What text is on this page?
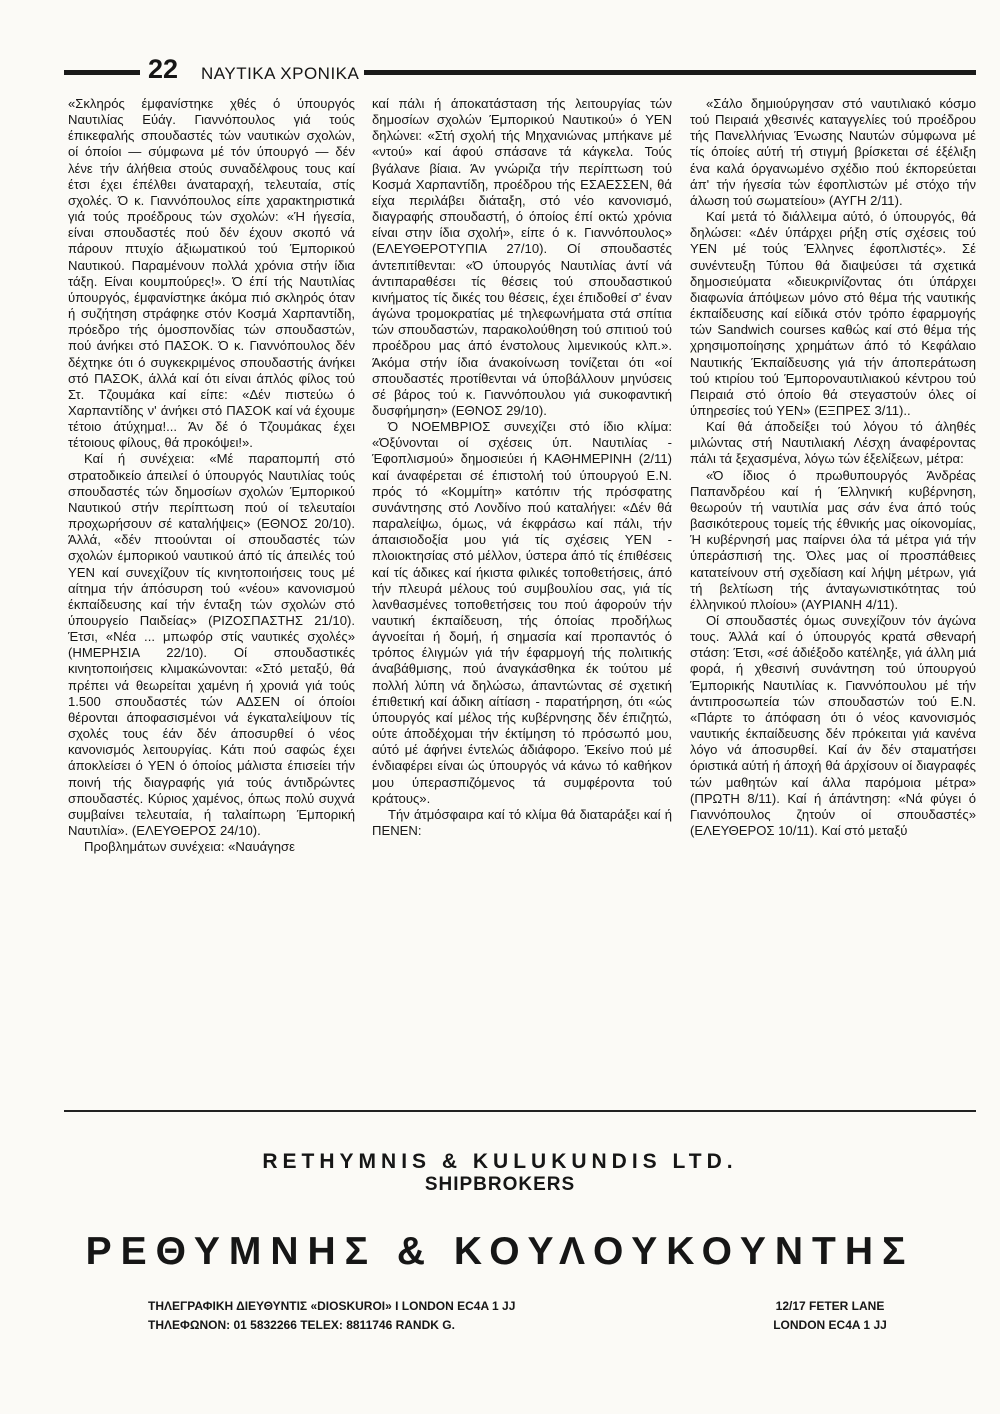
22 ΝΑΥΤΙΚΑ ΧΡΟΝΙΚΑ

«Σκληρός έμφανίστηκε χθές ό ύπουργός Ναυτιλίας Εύάγ. Γιαννόπουλος γιά τούς έπικεφαλής σπουδαστές τών ναυτικών σχολών, οί όποίοι — σύμφωνα μέ τόν ύπουργό — δέν λένε τήν άλήθεια στούς συναδέλφους τους καί έτσι έχει έπέλθει άναταραχή, τελευταία, στίς σχολές. Ό κ. Γιαννόπουλος είπε χαρακτηριστικά γιά τούς προέδρους τών σχολών: «Ή ήγεσία, είναι σπουδαστές πού δέν έχουν σκοπό νά πάρουν πτυχίο άξιωματικού τού Έμπορικού Ναυτικού. Παραμένουν πολλά χρόνια στήν ίδια τάξη. Είναι κουμπούρες!». Ό έπί τής Ναυτιλίας ύπουργός, έμφανίστηκε άκόμα πιό σκληρός όταν ή συζήτηση στράφηκε στόν Κοσμά Χαρπαντίδη, πρόεδρο τής όμοσπονδίας τών σπουδαστών, πού άνήκει στό ΠΑΣΟΚ. Ό κ. Γιαννόπουλος δέν δέχτηκε ότι ό συγκεκριμένος σπουδαστής άνήκει στό ΠΑΣΟΚ, άλλά καί ότι είναι άπλός φίλος τού Στ. Τζουμάκα καί είπε: «Δέν πιστεύω ό Χαρπαντίδης ν' άνήκει στό ΠΑΣΟΚ καί νά έχουμε τέτοιο άτύχημα!... Άν δέ ό Τζουμάκας έχει τέτοιους φίλους, θά προκόψει!».

Καί ή συνέχεια: «Μέ παραπομπή στό στρατοδικείο άπειλεί ό ύπουργός Ναυτιλίας τούς σπουδαστές τών δημοσίων σχολών Έμπορικού Ναυτικού στήν περίπτωση πού οί τελευταίοι προχωρήσουν σέ καταλήψεις» (ΕΘΝΟΣ 20/10). Άλλά, «δέν πτοούνται οί σπουδαστές τών σχολών έμπορικού ναυτικού άπό τίς άπειλές τού ΥΕΝ καί συνεχίζουν τίς κινητοποιήσεις τους μέ αίτημα τήν άπόσυρση τού «νέου» κανονισμού έκπαίδευσης καί τήν ένταξη τών σχολών στό ύπουργείο Παιδείας» (ΡΙΖΟΣΠΑΣΤΗΣ 21/10). Έτσι, «Νέα ... μπωφόρ στίς ναυτικές σχολές» (ΗΜΕΡΗΣΙΑ 22/10). Οί σπουδαστικές κινητοποιήσεις κλιμακώνονται: «Στό μεταξύ, θά πρέπει νά θεωρείται χαμένη ή χρονιά γιά τούς 1.500 σπουδαστές τών ΑΔΣΕΝ οί όποίοι θέρονται άποφασισμένοι νά έγκαταλείψουν τίς σχολές τους έάν δέν άποσυρθεί ό νέος κανονισμός λειτουργίας. Κάτι πού σαφώς έχει άποκλείσει ό ΥΕΝ ό όποίος μάλιστα έπισείει τήν ποινή τής διαγραφής γιά τούς άντιδρώντες σπουδαστές. Κύριος χαμένος, όπως πολύ συχνά συμβαίνει τελευταία, ή ταλαίπωρη Έμπορική Ναυτιλία». (ΕΛΕΥΘΕΡΟΣ 24/10).

Προβλημάτων συνέχεια: «Ναυάγησε

καί πάλι ή άποκατάσταση τής λειτουργίας τών δημοσίων σχολών Έμπορικού Ναυτικού» ό ΥΕΝ δηλώνει: «Στή σχολή τής Μηχανιώνας μπήκανε μέ «ντού» καί άφού σπάσανε τά κάγκελα. Τούς βγάλανε βίαια. Άν γνώριζα τήν περίπτωση τού Κοσμά Χαρπαντίδη, προέδρου τής ΕΣΑΕΣΣΕΝ, θά είχα περιλάβει διάταξη, στό νέο κανονισμό, διαγραφής σπουδαστή, ό όποίος έπί οκτώ χρόνια είναι στην ίδια σχολή», είπε ό κ. Γιαννόπουλος» (ΕΛΕΥΘΕΡΟΤΥΠΙΑ 27/10). Οί σπουδαστές άντεπιτίθενται: «Ό ύπουργός Ναυτιλίας άντί νά άντιπαραθέσει τίς θέσεις τού σπουδαστικού κινήματος τίς δικές του θέσεις, έχει έπιδοθεί σ' έναν άγώνα τρομοκρατίας μέ τηλεφωνήματα στά σπίτια τών σπουδαστών, παρακολούθηση τού σπιτιού τού προέδρου μας άπό ένστολους λιμενικούς κλπ.». Άκόμα στήν ίδια άνακοίνωση τονίζεται ότι «οί σπουδαστές προτίθενται νά ύποβάλλουν μηνύσεις σέ βάρος τού κ. Γιαννόπουλου γιά συκοφαντική δυσφήμηση» (ΕΘΝΟΣ 29/10).

Ό ΝΟΕΜΒΡΙΟΣ συνεχίζει στό ίδιο κλίμα: «Όξύνονται οί σχέσεις ύπ. Ναυτιλίας - Έφοπλισμού» δημοσιεύει ή ΚΑΘΗΜΕΡΙΝΗ (2/11) καί άναφέρεται σέ έπιστολή τού ύπουργού Ε.Ν. πρός τό «Κομμίτη» κατόπιν τής πρόσφατης συνάντησης στό Λονδίνο πού καταλήγει: «Δέν θά παραλείψω, όμως, νά έκφράσω καί πάλι, τήν άπαισιοδοξία μου γιά τίς σχέσεις ΥΕΝ - πλοιοκτησίας στό μέλλον, ύστερα άπό τίς έπιθέσεις καί τίς άδικες καί ήκιστα φιλικές τοποθετήσεις, άπό τήν πλευρά μέλους τού συμβουλίου σας, γιά τίς λανθασμένες τοποθετήσεις του πού άφορούν τήν ναυτική έκπαίδευση, τής όποίας προδήλως άγνοείται ή δομή, ή σημασία καί προπαντός ό τρόπος έλιγμών γιά τήν έφαρμογή τής πολιτικής άναβάθμισης, πού άναγκάσθηκα έκ τούτου μέ πολλή λύπη νά δηλώσω, άπαντώντας σέ σχετική έπιθετική καί άδικη αίτίαση - παρατήρηση, ότι «ώς ύπουργός καί μέλος τής κυβέρνησης δέν έπιζητώ, ούτε άποδέχομαι τήν έκτίμηση τό πρόσωπό μου, αύτό μέ άφήνει έντελώς άδιάφορο. Έκείνο πού μέ ένδιαφέρει είναι ώς ύπουργός νά κάνω τό καθήκον μου ύπερασπιζόμενος τά συμφέροντα τού κράτους».

Τήν άτμόσφαιρα καί τό κλίμα θά διαταράξει καί ή ΠΕΝΕΝ:

«Σάλο δημιούργησαν στό ναυτιλιακό κόσμο τού Πειραιά χθεσινές καταγγελίες τού προέδρου τής Πανελλήνιας Ένωσης Ναυτών σύμφωνα μέ τίς όποίες αύτή τή στιγμή βρίσκεται σέ έξέλιξη ένα καλά όργανωμένο σχέδιο πού έκπορεύεται άπ' τήν ήγεσία τών έφοπλιστών μέ στόχο τήν άλωση τού σωματείου» (ΑΥΓΗ 2/11).

Καί μετά τό διάλλειμα αύτό, ό ύπουργός, θά δηλώσει: «Δέν ύπάρχει ρήξη στίς σχέσεις τού ΥΕΝ μέ τούς Έλληνες έφοπλιστές». Σέ συνέντευξη Τύπου θά διαψεύσει τά σχετικά δημοσιεύματα «διευκρινίζοντας ότι ύπάρχει διαφωνία άπόψεων μόνο στό θέμα τής ναυτικής έκπαίδευσης καί είδικά στόν τρόπο έφαρμογής τών Sandwich courses καθώς καί στό θέμα τής χρησιμοποίησης χρημάτων άπό τό Κεφάλαιο Ναυτικής Έκπαίδευσης γιά τήν άποπεράτωση τού κτιρίου τού Έμποροναυτιλιακού κέντρου τού Πειραιά στό όποίο θά στεγαστούν όλες οί ύπηρεσίες τού ΥΕΝ» (ΕΞΠΡΕΣ 3/11)..

Καί θά άποδείξει τού λόγου τό άληθές μιλώντας στή Ναυτιλιακή Λέσχη άναφέροντας πάλι τά ξεχασμένα, λόγω τών έξελίξεων, μέτρα:

«Ό ίδιος ό πρωθυπουργός Άνδρέας Παπανδρέου καί ή Έλληνική κυβέρνηση, θεωρούν τή ναυτιλία μας σάν ένα άπό τούς βασικότερους τομείς τής έθνικής μας οίκονομίας, Ή κυβέρνησή μας παίρνει όλα τά μέτρα γιά τήν ύπεράσπισή της. Όλες μας οί προσπάθειες κατατείνουν στή σχεδίαση καί λήψη μέτρων, γιά τή βελτίωση τής άνταγωνιστικότητας τού έλληνικού πλοίου» (ΑΥΡΙΑΝΗ 4/11).

Οί σπουδαστές όμως συνεχίζουν τόν άγώνα τους. Άλλά καί ό ύπουργός κρατά σθεναρή στάση: Έτσι, «σέ άδιέξοδο κατέληξε, γιά άλλη μιά φορά, ή χθεσινή συνάντηση τού ύπουργού Έμπορικής Ναυτιλίας κ. Γιαννόπουλου μέ τήν άντιπροσωπεία τών σπουδαστών τού Ε.Ν. «Πάρτε το άπόφαση ότι ό νέος κανονισμός ναυτικής έκπαίδευσης δέν πρόκειται γιά κανένα λόγο νά άποσυρθεί. Καί άν δέν σταματήσει όριστικά αύτή ή άποχή θά άρχίσουν οί διαγραφές τών μαθητών καί άλλα παρόμοια μέτρα» (ΠΡΩΤΗ 8/11). Καί ή άπάντηση: «Νά φύγει ό Γιαννόπουλος ζητούν οί σπουδαστές» (ΕΛΕΥΘΕΡΟΣ 10/11). Καί στό μεταξύ

RETHYMNIS & KULUKUNDIS LTD.
SHIPBROKERS
ΡΕΘΥΜΝΗΣ & ΚΟΥΛΟΥΚΟΥΝΤΗΣ
ΤΗΛΕΓΡΑΦΙΚΗ ΔΙΕΥΘΥΝΤΙΣ «DIOSKUROI» I LONDON EC4A 1 JJ
ΤΗΛΕΦΩΝΟΝ: 01 5832266 TELEX: 8811746 RANDK G.
12/17 FETER LANE
LONDON EC4A 1 JJ
